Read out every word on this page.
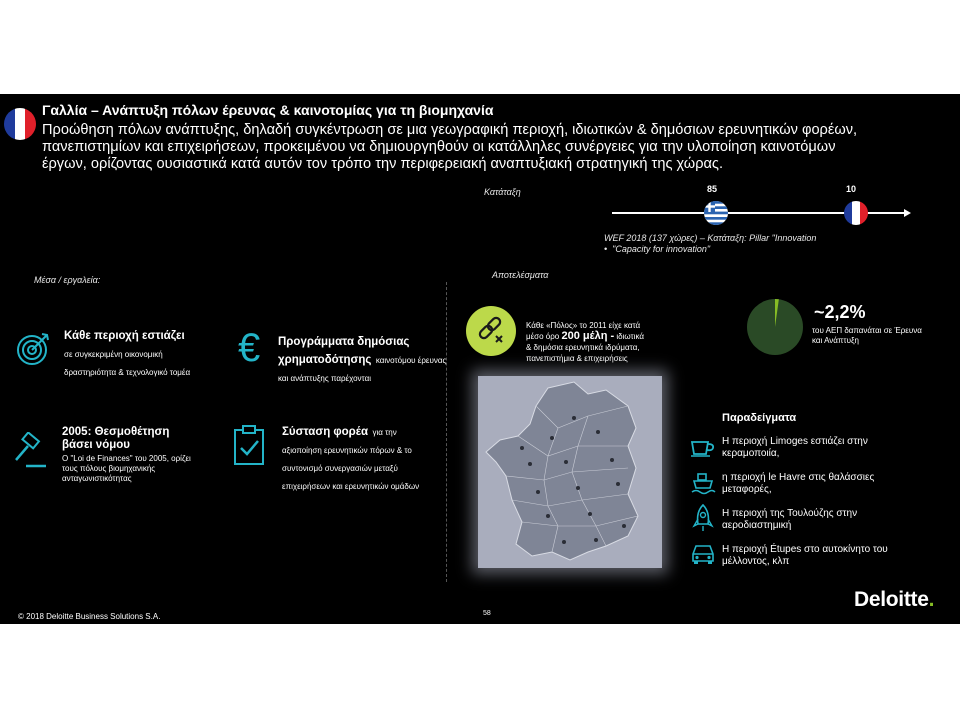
Γαλλία – Ανάπτυξη πόλων έρευνας & καινοτομίας για τη βιομηχανία
Προώθηση πόλων ανάπτυξης, δηλαδή συγκέντρωση σε μια γεωγραφική περιοχή, ιδιωτικών & δημόσιων ερευνητικών φορέων,
πανεπιστημίων και επιχειρήσεων, προκειμένου να δημιουργηθούν οι κατάλληλες συνέργειες για την υλοποίηση καινοτόμων
έργων, ορίζοντας ουσιαστικά κατά αυτόν τον τρόπο την περιφερειακή αναπτυξιακή στρατηγική της χώρας.
Κατάταξη	85	10
WEF 2018 (137 χώρες) – Κατάταξη: Pillar "Innovation
•  "Capacity for innovation"
Μέσα / εργαλεία:
Κάθε περιοχή εστιάζει σε συγκεκριμένη οικονομική δραστηριότητα & τεχνολογικό τομέα
€ Προγράμματα δημόσιας χρηματοδότησης καινοτόμου έρευνας και ανάπτυξης παρέχονται
2005: Θεσμοθέτηση βάσει νόμου
Ο "Loi de Finances" του 2005, ορίζει τους πόλους βιομηχανικής ανταγωνιστικότητας
Σύσταση φορέα για την αξιοποίηση ερευνητικών πόρων & το συντονισμό συνεργασιών μεταξύ επιχειρήσεων και ερευνητικών ομάδων
Αποτελέσματα
Κάθε «Πόλος» το 2011 είχε κατά
μέσο όρο 200 μέλη - ιδιωτικά
& δημόσια ερευνητικά ιδρύματα,
πανεπιστήμια & επιχειρήσεις
~2,2%
του ΑΕΠ δαπανάται σε Έρευνα και Ανάπτυξη
Παραδείγματα
Η περιοχή Limoges εστιάζει στην κεραμοποιία,
η περιοχή le Havre στις θαλάσσιες μεταφορές,
Η περιοχή της Τουλούζης στην αεροδιαστημική
Η περιοχή Étupes στο αυτοκίνητο του μέλλοντος, κλπ
© 2018 Deloitte Business Solutions S.A.	58
Deloitte.
